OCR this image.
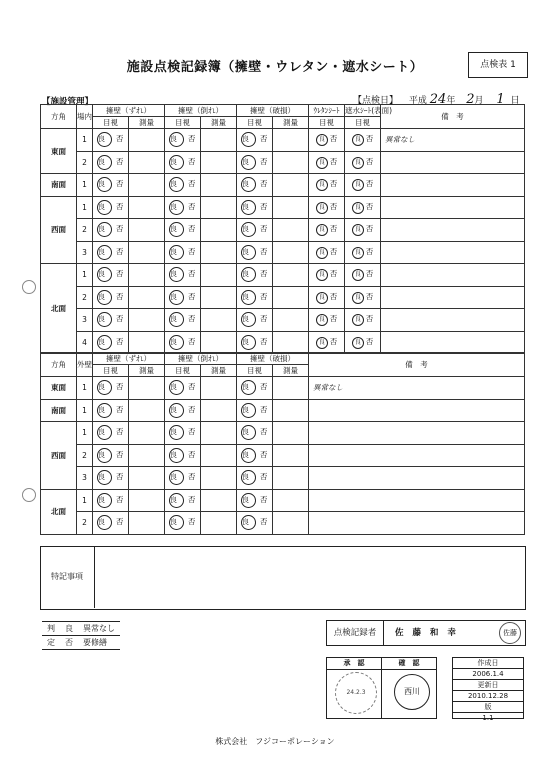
施設点検記録簿（擁壁・ウレタン・遮水シート）	点検表 1
【施設管理】	【点検日】 平成 24年 2月 1 日
方角	場内	擁壁（ずれ）		擁壁（倒れ）		擁壁（破損）		ｳﾚﾀﾝｼｰﾄ	遮水ｼｰﾄ(表面)	備　考
		目視	測量	目視	測量	目視	測量	目視	目視	
東面	1	良 否		良 否		良 否		良 否	良 否	異常なし
	2	良 否		良 否		良 否		良 否	良 否	
南面	1	良 否		良 否		良 否		良 否	良 否	
西面	1	良 否		良 否		良 否		良 否	良 否	
	2	良 否		良 否		良 否		良 否	良 否	
	3	良 否		良 否		良 否		良 否	良 否	
北面	1	良 否		良 否		良 否		良 否	良 否	
	2	良 否		良 否		良 否		良 否	良 否	
	3	良 否		良 否		良 否		良 否	良 否	
	4	良 否		良 否		良 否		良 否	良 否	
方角	外壁	擁壁（ずれ）		擁壁（倒れ）		擁壁（破損）		備　考
		目視	測量	目視	測量	目視	測量	
東面	1	良 否		良 否		良 否		異常なし
南面	1	良 否		良 否		良 否		
西面	1	良 否		良 否		良 否		
	2	良 否		良 否		良 否		
	3	良 否		良 否		良 否		
北面	1	良 否		良 否		良 否		
	2	良 否		良 否		良 否		
特記事項
判	良	異常なし
定	否	要修繕
点検記録者	佐 藤 和 幸	佐藤
承　認	確　認
24.2.3	西川
作成日
2006.1.4
更新日
2010.12.28
版
1.1
株式会社　フジコーポレーション
